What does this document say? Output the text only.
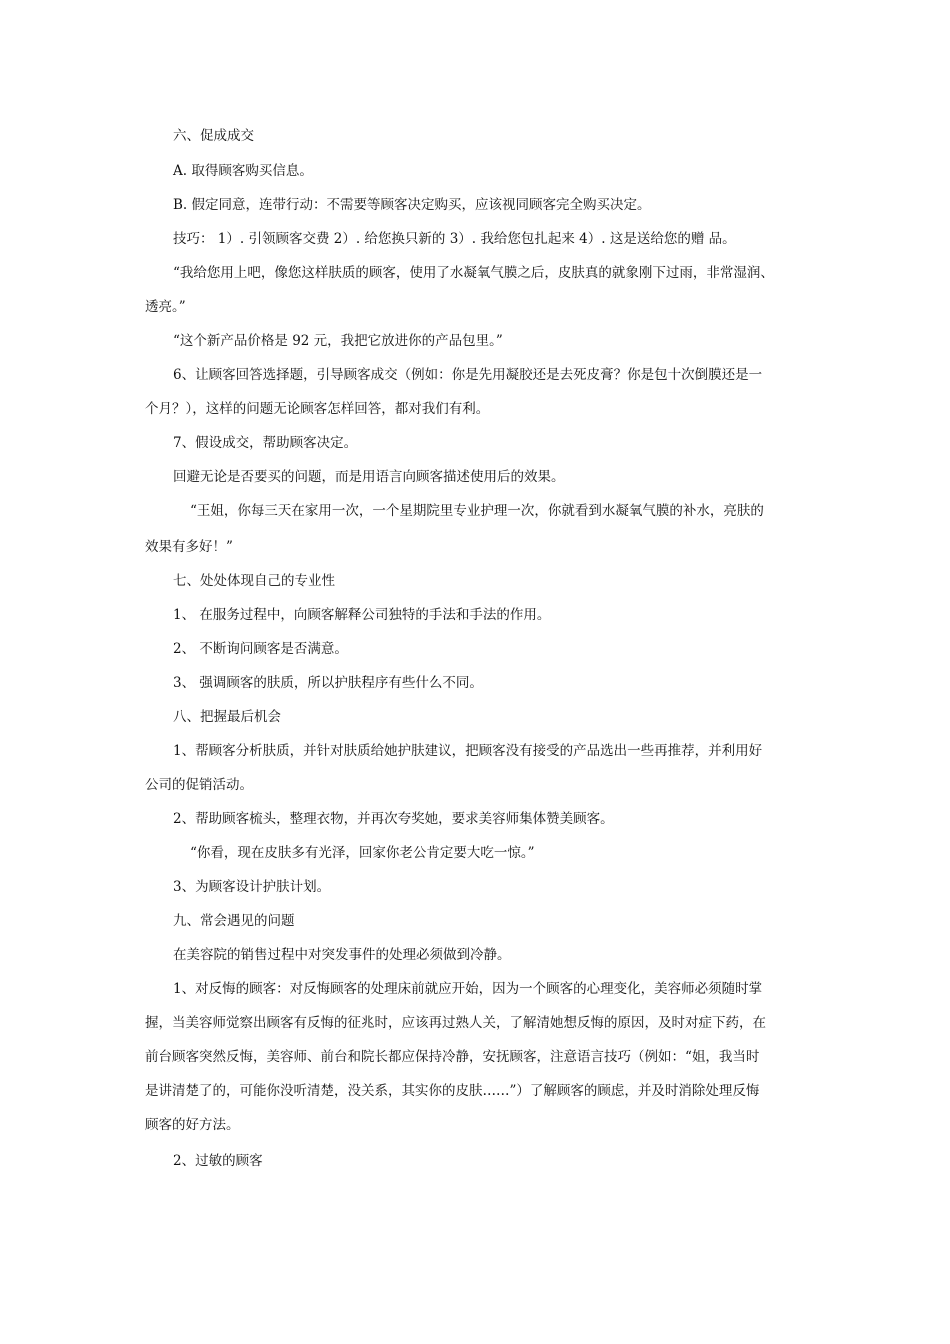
六、促成成交
A. 取得顾客购买信息。
B. 假定同意，连带行动：不需要等顾客决定购买，应该视同顾客完全购买决定。
技巧： 1）. 引领顾客交费 2）. 给您换只新的 3）. 我给您包扎起来 4）. 这是送给您的赠 品。
“我给您用上吧，像您这样肤质的顾客，使用了水凝氧气膜之后，皮肤真的就象刚下过雨，非常湿润、
透亮。”
“这个新产品价格是 92 元，我把它放进你的产品包里。”
6、让顾客回答选择题，引导顾客成交（例如：你是先用凝胶还是去死皮膏？你是包十次倒膜还是一
个月？），这样的问题无论顾客怎样回答，都对我们有利。
7、假设成交，帮助顾客决定。
回避无论是否要买的问题，而是用语言向顾客描述使用后的效果。
“王姐，你每三天在家用一次，一个星期院里专业护理一次，你就看到水凝氧气膜的补水，亮肤的
效果有多好！”
七、处处体现自己的专业性
1、 在服务过程中，向顾客解释公司独特的手法和手法的作用。
2、 不断询问顾客是否满意。
3、 强调顾客的肤质，所以护肤程序有些什么不同。
八、把握最后机会
1、帮顾客分析肤质，并针对肤质给她护肤建议，把顾客没有接受的产品选出一些再推荐，并利用好
公司的促销活动。
2、帮助顾客梳头，整理衣物，并再次夸奖她，要求美容师集体赞美顾客。
“你看，现在皮肤多有光泽，回家你老公肯定要大吃一惊。”
3、为顾客设计护肤计划。
九、常会遇见的问题
在美容院的销售过程中对突发事件的处理必须做到冷静。
1、对反悔的顾客：对反悔顾客的处理床前就应开始，因为一个顾客的心理变化，美容师必须随时掌
握，当美容师觉察出顾客有反悔的征兆时，应该再过熟人关，了解清她想反悔的原因，及时对症下药，在
前台顾客突然反悔，美容师、前台和院长都应保持冷静，安抚顾客，注意语言技巧（例如：“姐，我当时
是讲清楚了的，可能你没听清楚，没关系，其实你的皮肤……”）了解顾客的顾虑，并及时消除处理反悔
顾客的好方法。
2、过敏的顾客
